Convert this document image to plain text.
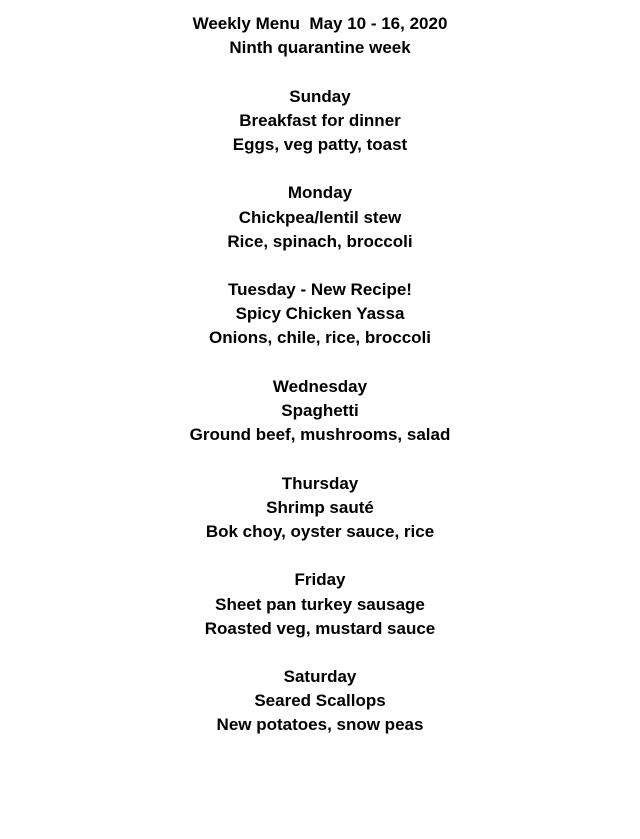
Weekly Menu  May 10 - 16, 2020

Ninth quarantine week

Sunday

Breakfast for dinner

Eggs, veg patty, toast

Monday

Chickpea/lentil stew

Rice, spinach, broccoli

Tuesday - New Recipe!

Spicy Chicken Yassa

Onions, chile, rice, broccoli

Wednesday

Spaghetti

Ground beef, mushrooms, salad

Thursday

Shrimp sauté

Bok choy, oyster sauce, rice

Friday

Sheet pan turkey sausage

Roasted veg, mustard sauce

Saturday

Seared Scallops

New potatoes, snow peas
